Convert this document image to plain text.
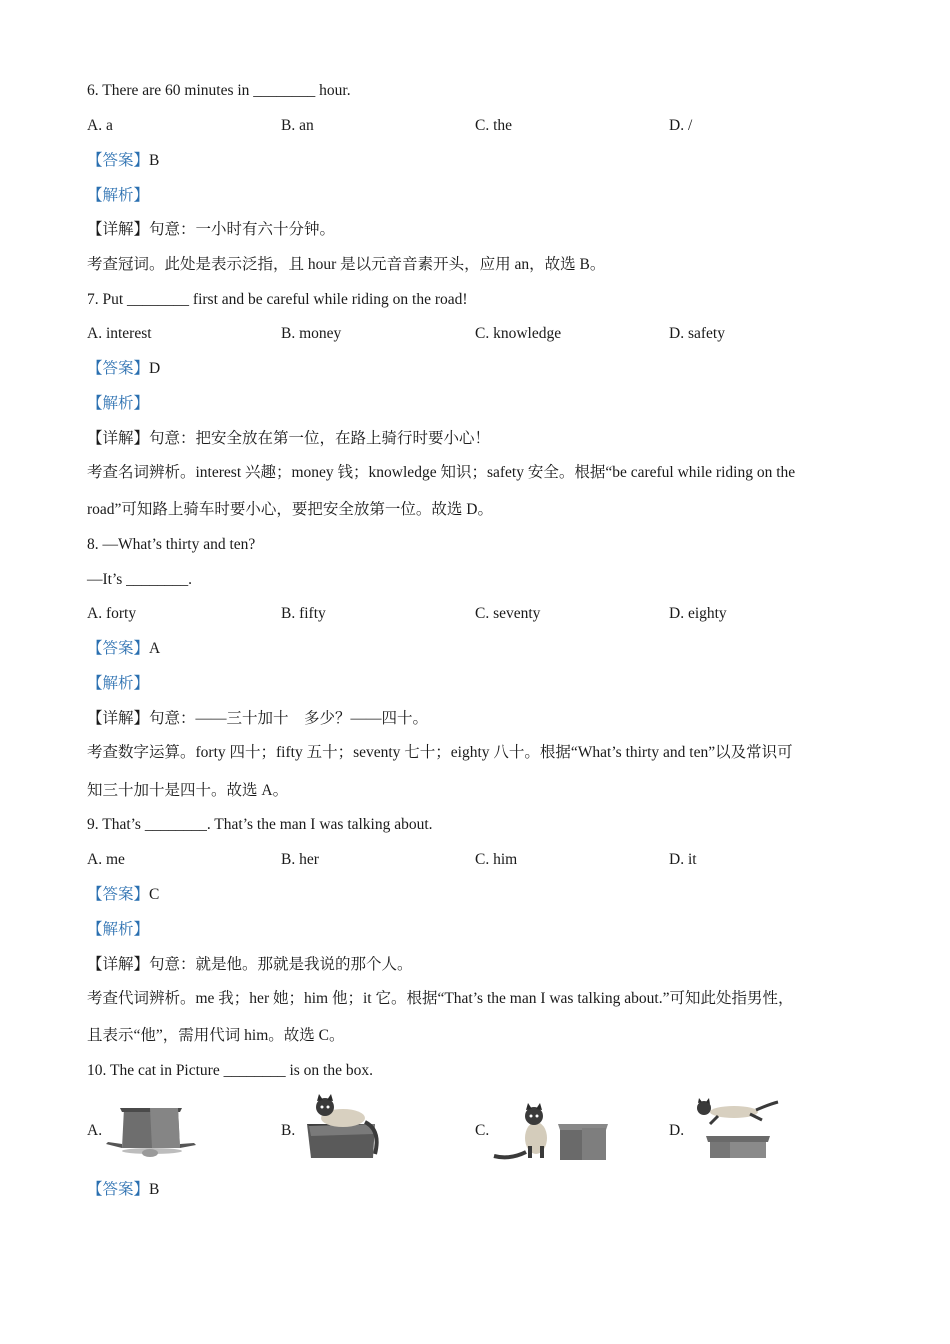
6. There are 60 minutes in ________ hour.
A. a	B. an	C. the	D. /
【答案】B
【解析】
【详解】句意：一小时有六十分钟。
考查冠词。此处是表示泛指，且 hour 是以元音音素开头，应用 an，故选 B。
7. Put ________ first and be careful while riding on the road!
A. interest	B. money	C. knowledge	D. safety
【答案】D
【解析】
【详解】句意：把安全放在第一位，在路上骑行时要小心！
考查名词辨析。interest 兴趣；money 钱；knowledge 知识；safety 安全。根据“be careful while riding on the
road”可知路上骑车时要小心，要把安全放第一位。故选 D。
8. —What’s thirty and ten?
—It’s ________.
A. forty	B. fifty	C. seventy	D. eighty
【答案】A
【解析】
【详解】句意：——三十加十　多少？——四十。
考查数字运算。forty 四十；fifty 五十；seventy 七十；eighty 八十。根据“What’s thirty and ten”以及常识可
知三十加十是四十。故选 A。
9. That’s ________. That’s the man I was talking about.
A. me	B. her	C. him	D. it
【答案】C
【解析】
【详解】句意：就是他。那就是我说的那个人。
考查代词辨析。me 我；her 她；him 他；it 它。根据“That’s the man I was talking about.”可知此处指男性，
且表示“他”，需用代词 him。故选 C。
10. The cat in Picture ________ is on the box.
A.	B.	C.	D.
【答案】B
